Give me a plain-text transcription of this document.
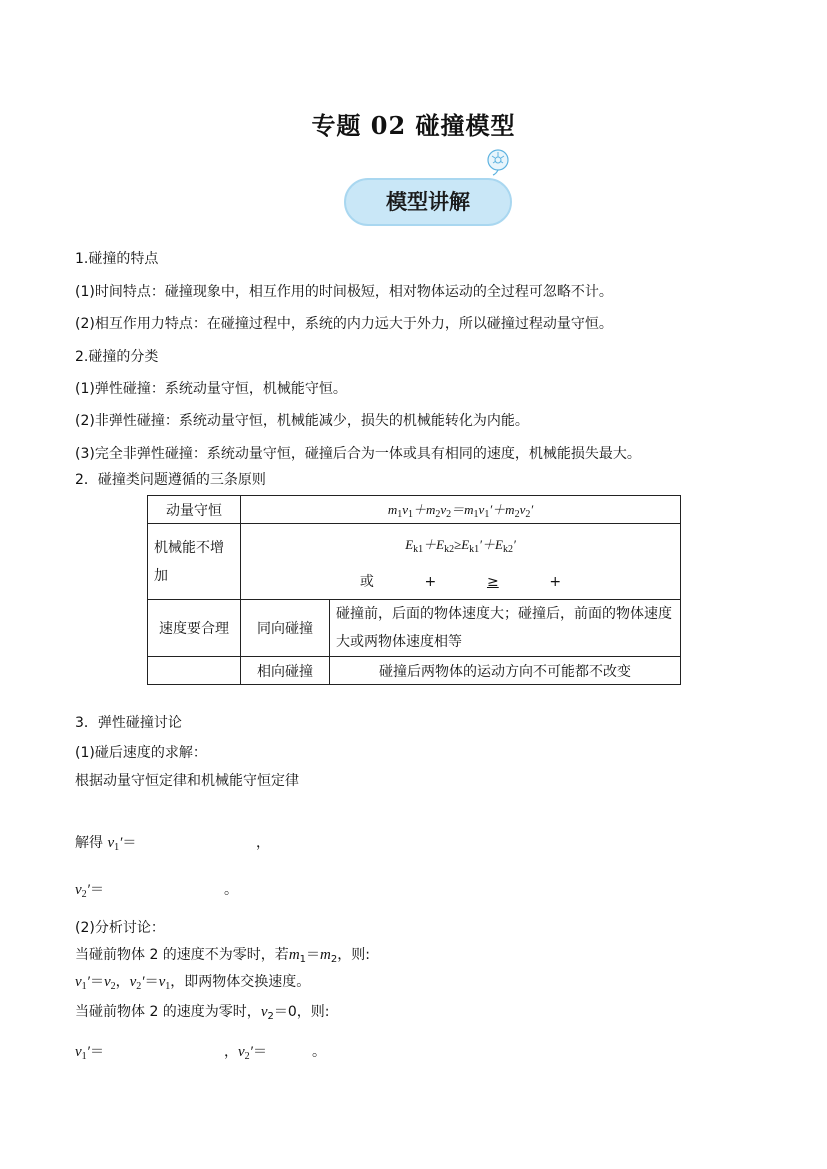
专题 02 碰撞模型
模型讲解
1.碰撞的特点
(1)时间特点：碰撞现象中，相互作用的时间极短，相对物体运动的全过程可忽略不计。
(2)相互作用力特点：在碰撞过程中，系统的内力远大于外力，所以碰撞过程动量守恒。
2.碰撞的分类
(1)弹性碰撞：系统动量守恒，机械能守恒。
(2)非弹性碰撞：系统动量守恒，机械能减少，损失的机械能转化为内能。
(3)完全非弹性碰撞：系统动量守恒，碰撞后合为一体或具有相同的速度，机械能损失最大。
2．碰撞类问题遵循的三条原则
动量守恒	$m_1v_1+m_2v_2=m_1v_1'+m_2v_2'$	
机械能不增加	$E_{k1}+E_{k2}\ge E_{k1}'+E_{k2}'$
或 + ≥ +	

速度要合理	同向碰撞	碰撞前，后面的物体速度大；碰撞后，前面的物体速度大或两物体速度相等
	相向碰撞	碰撞后两物体的运动方向不可能都不改变
3．弹性碰撞讨论
(1)碰后速度的求解：
根据动量守恒定律和机械能守恒定律
解得 $v_1'=$	，
$v_2'=$	。
(2)分析讨论：
当碰前物体 2 的速度不为零时，若$m_1=m_2$，则:
$v_1'=v_2$，$v_2'=v_1$，即两物体交换速度。
当碰前物体 2 的速度为零时，$v_2=0$，则:
$v_1'=$	，$v_2'=$	。
